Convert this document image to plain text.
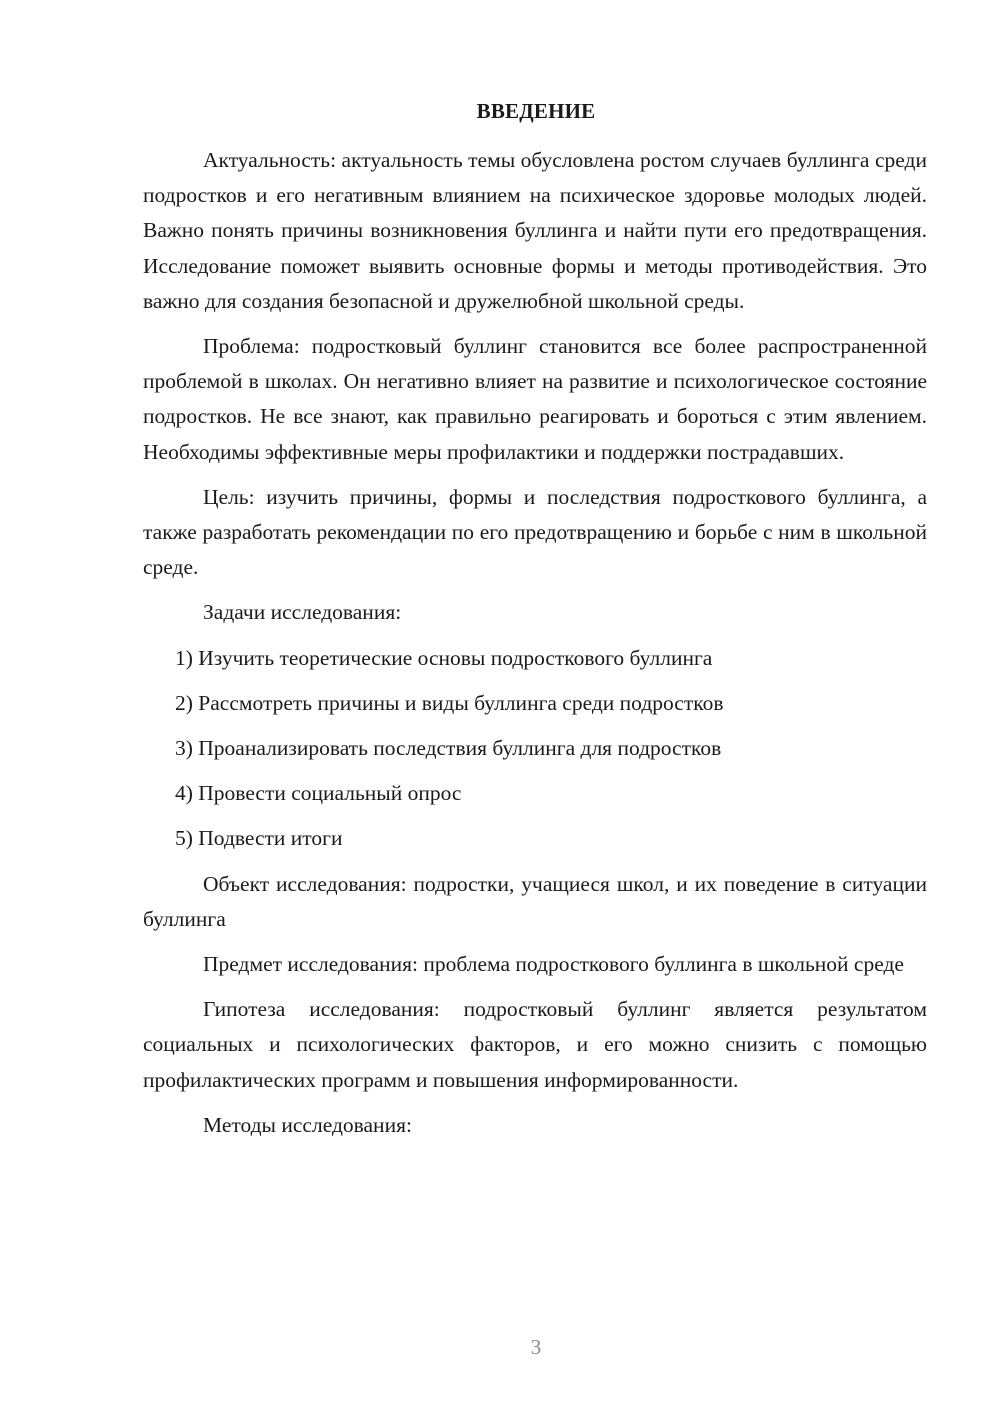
ВВЕДЕНИЕ

Актуальность: актуальность темы обусловлена ростом случаев буллинга среди подростков и его негативным влиянием на психическое здоровье молодых людей. Важно понять причины возникновения буллинга и найти пути его предотвращения. Исследование поможет выявить основные формы и методы противодействия. Это важно для создания безопасной и дружелюбной школьной среды.

Проблема: подростковый буллинг становится все более распространенной проблемой в школах. Он негативно влияет на развитие и психологическое состояние подростков. Не все знают, как правильно реагировать и бороться с этим явлением. Необходимы эффективные меры профилактики и поддержки пострадавших.

Цель: изучить причины, формы и последствия подросткового буллинга, а также разработать рекомендации по его предотвращению и борьбе с ним в школьной среде.

Задачи исследования:

1) Изучить теоретические основы подросткового буллинга

2) Рассмотреть причины и виды буллинга среди подростков

3) Проанализировать последствия буллинга для подростков

4) Провести социальный опрос

5) Подвести итоги

Объект исследования: подростки, учащиеся школ, и их поведение в ситуации буллинга

Предмет исследования: проблема подросткового буллинга в школьной среде

Гипотеза исследования: подростковый буллинг является результатом социальных и психологических факторов, и его можно снизить с помощью профилактических программ и повышения информированности.

Методы исследования:

3
